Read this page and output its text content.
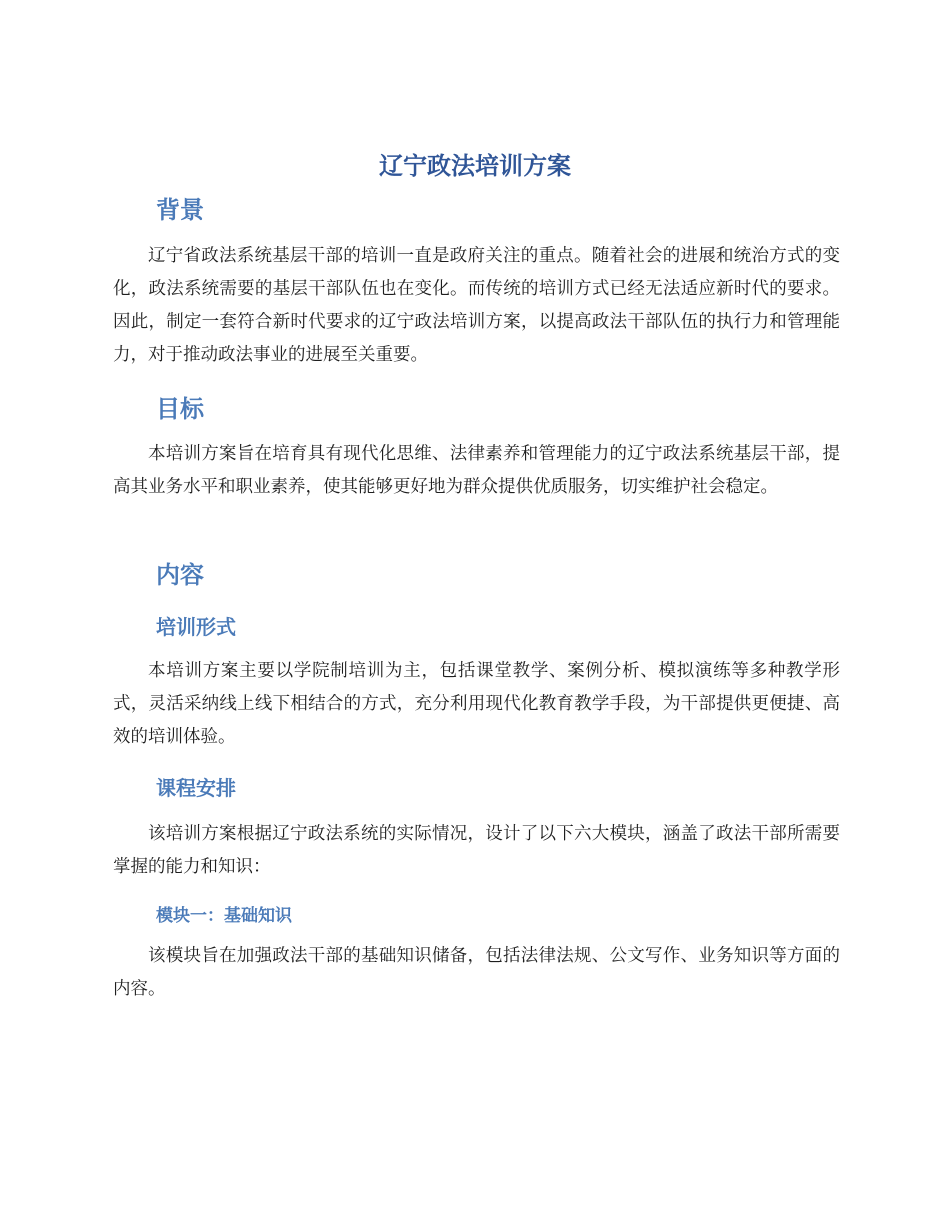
辽宁政法培训方案
背景

辽宁省政法系统基层干部的培训一直是政府关注的重点。随着社会的进展和统治方式的变化，政法系统需要的基层干部队伍也在变化。而传统的培训方式已经无法适应新时代的要求。因此，制定一套符合新时代要求的辽宁政法培训方案，以提高政法干部队伍的执行力和管理能力，对于推动政法事业的进展至关重要。

目标

本培训方案旨在培育具有现代化思维、法律素养和管理能力的辽宁政法系统基层干部，提高其业务水平和职业素养，使其能够更好地为群众提供优质服务，切实维护社会稳定。

内容
培训形式

本培训方案主要以学院制培训为主，包括课堂教学、案例分析、模拟演练等多种教学形式，灵活采纳线上线下相结合的方式，充分利用现代化教育教学手段，为干部提供更便捷、高效的培训体验。

课程安排

该培训方案根据辽宁政法系统的实际情况，设计了以下六大模块，涵盖了政法干部所需要掌握的能力和知识：

模块一：基础知识

该模块旨在加强政法干部的基础知识储备，包括法律法规、公文写作、业务知识等方面的内容。
